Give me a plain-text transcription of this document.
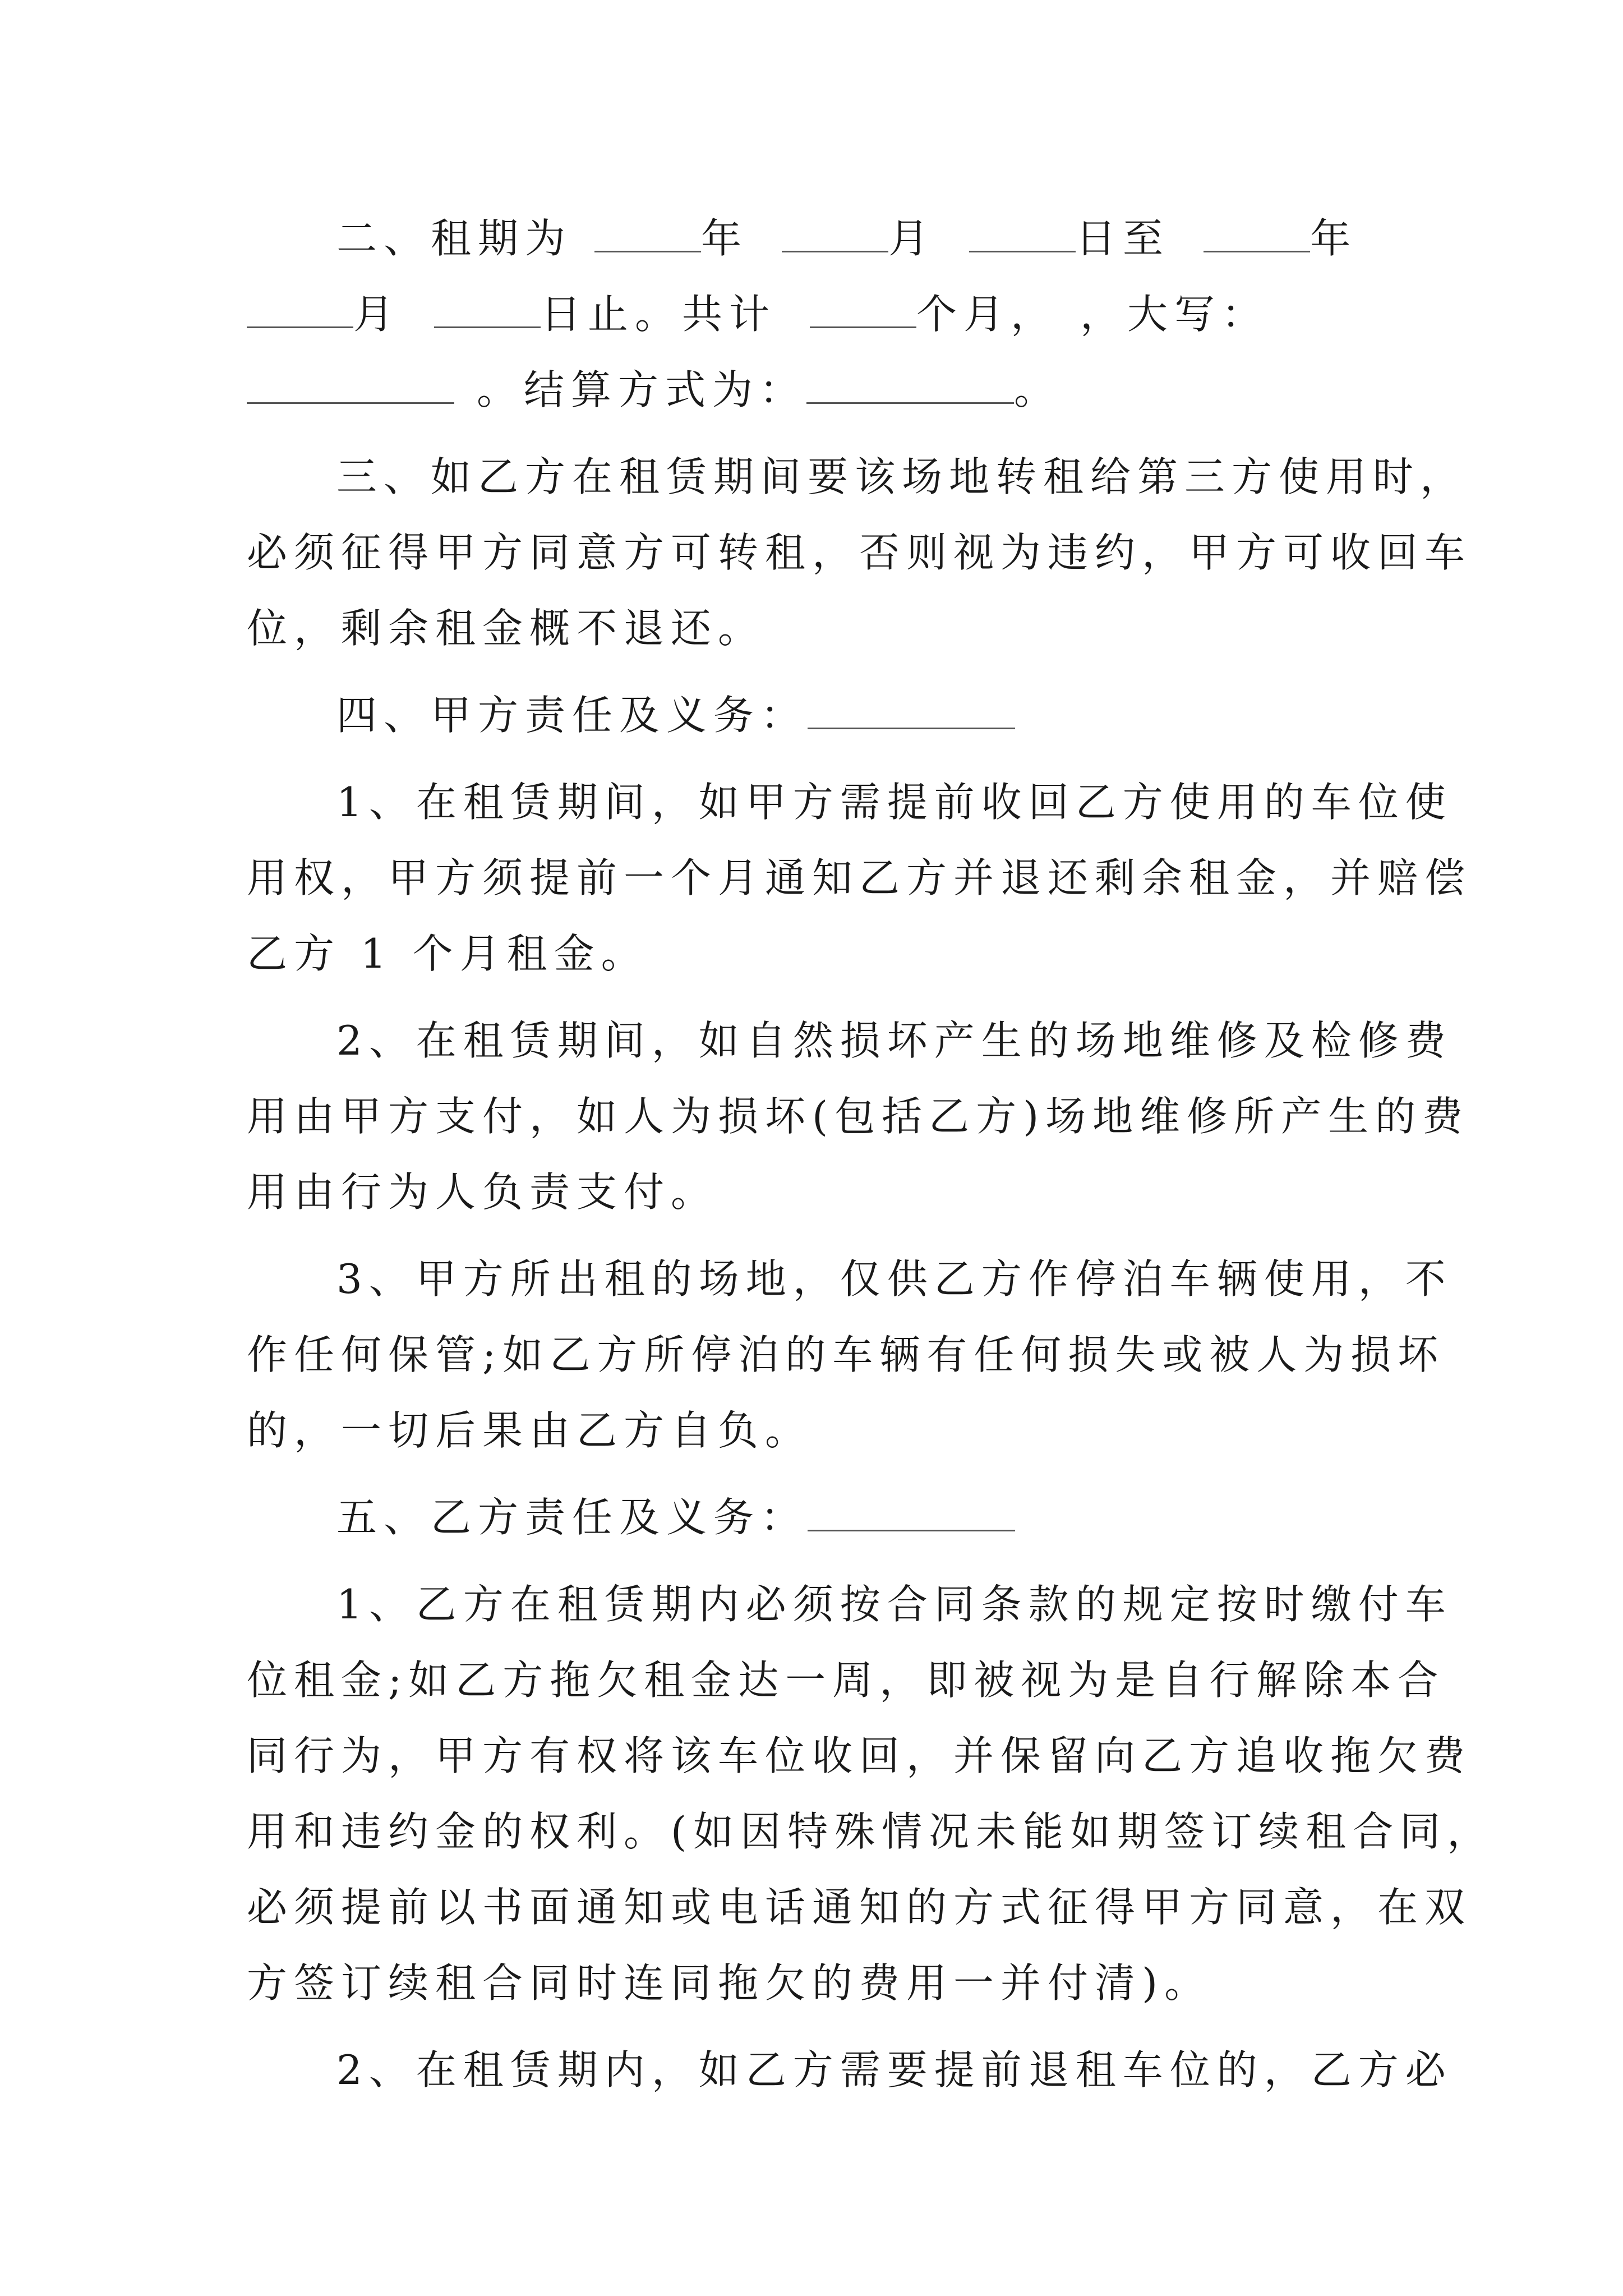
二、租期为	年	月	日至	年
月	日止。共计	个月， ，大写：
。结算方式为：	。
三、如乙方在租赁期间要该场地转租给第三方使用时，
必须征得甲方同意方可转租，否则视为违约，甲方可收回车
位，剩余租金概不退还。
四、甲方责任及义务：
1、在租赁期间，如甲方需提前收回乙方使用的车位使
用权，甲方须提前一个月通知乙方并退还剩余租金，并赔偿
乙方 1 个月租金。
2、在租赁期间，如自然损坏产生的场地维修及检修费
用由甲方支付，如人为损坏(包括乙方)场地维修所产生的费
用由行为人负责支付。
3、甲方所出租的场地，仅供乙方作停泊车辆使用，不
作任何保管;如乙方所停泊的车辆有任何损失或被人为损坏
的，一切后果由乙方自负。
五、乙方责任及义务：
1、乙方在租赁期内必须按合同条款的规定按时缴付车
位租金;如乙方拖欠租金达一周，即被视为是自行解除本合
同行为，甲方有权将该车位收回，并保留向乙方追收拖欠费
用和违约金的权利。(如因特殊情况未能如期签订续租合同，
必须提前以书面通知或电话通知的方式征得甲方同意，在双
方签订续租合同时连同拖欠的费用一并付清)。
2、在租赁期内，如乙方需要提前退租车位的，乙方必
